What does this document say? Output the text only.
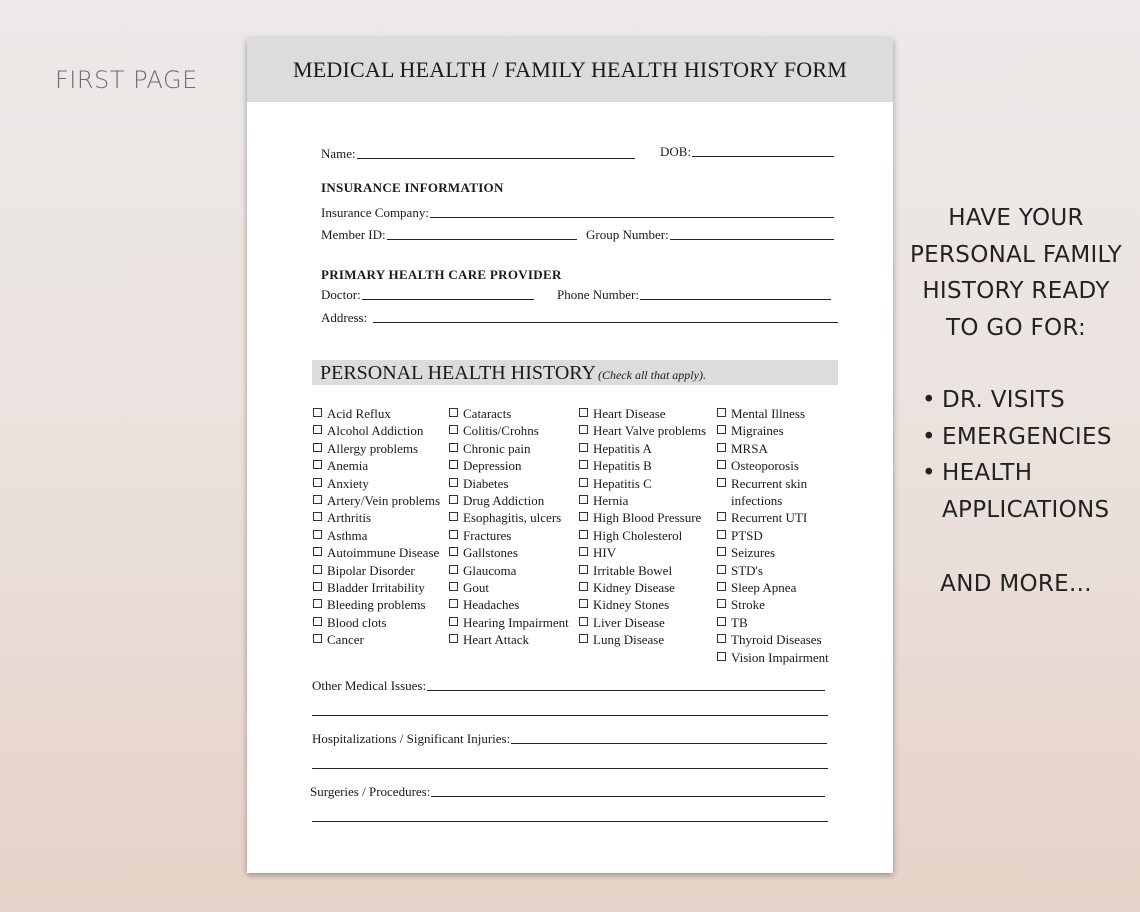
FIRST PAGE
HAVE YOUR
PERSONAL FAMILY
HISTORY READY
TO GO FOR:
• DR. VISITS
• EMERGENCIES
• HEALTH APPLICATIONS
AND MORE...
MEDICAL HEALTH / FAMILY HEALTH HISTORY FORM
Name:	DOB:
INSURANCE INFORMATION
Insurance Company:
Member ID:	Group Number:
PRIMARY HEALTH CARE PROVIDER
Doctor:	Phone Number:
Address:
PERSONAL HEALTH HISTORY (Check all that apply).
Acid Reflux
Alcohol Addiction
Allergy problems
Anemia
Anxiety
Artery/Vein problems
Arthritis
Asthma
Autoimmune Disease
Bipolar Disorder
Bladder Irritability
Bleeding problems
Blood clots
Cancer
Cataracts
Colitis/Crohns
Chronic pain
Depression
Diabetes
Drug Addiction
Esophagitis, ulcers
Fractures
Gallstones
Glaucoma
Gout
Headaches
Hearing Impairment
Heart Attack
Heart Disease
Heart Valve problems
Hepatitis A
Hepatitis B
Hepatitis C
Hernia
High Blood Pressure
High Cholesterol
HIV
Irritable Bowel
Kidney Disease
Kidney Stones
Liver Disease
Lung Disease
Mental Illness
Migraines
MRSA
Osteoporosis
Recurrent skin
infections
Recurrent UTI
PTSD
Seizures
STD's
Sleep Apnea
Stroke
TB
Thyroid Diseases
Vision Impairment
Other Medical Issues:
Hospitalizations / Significant Injuries:
Surgeries / Procedures:
